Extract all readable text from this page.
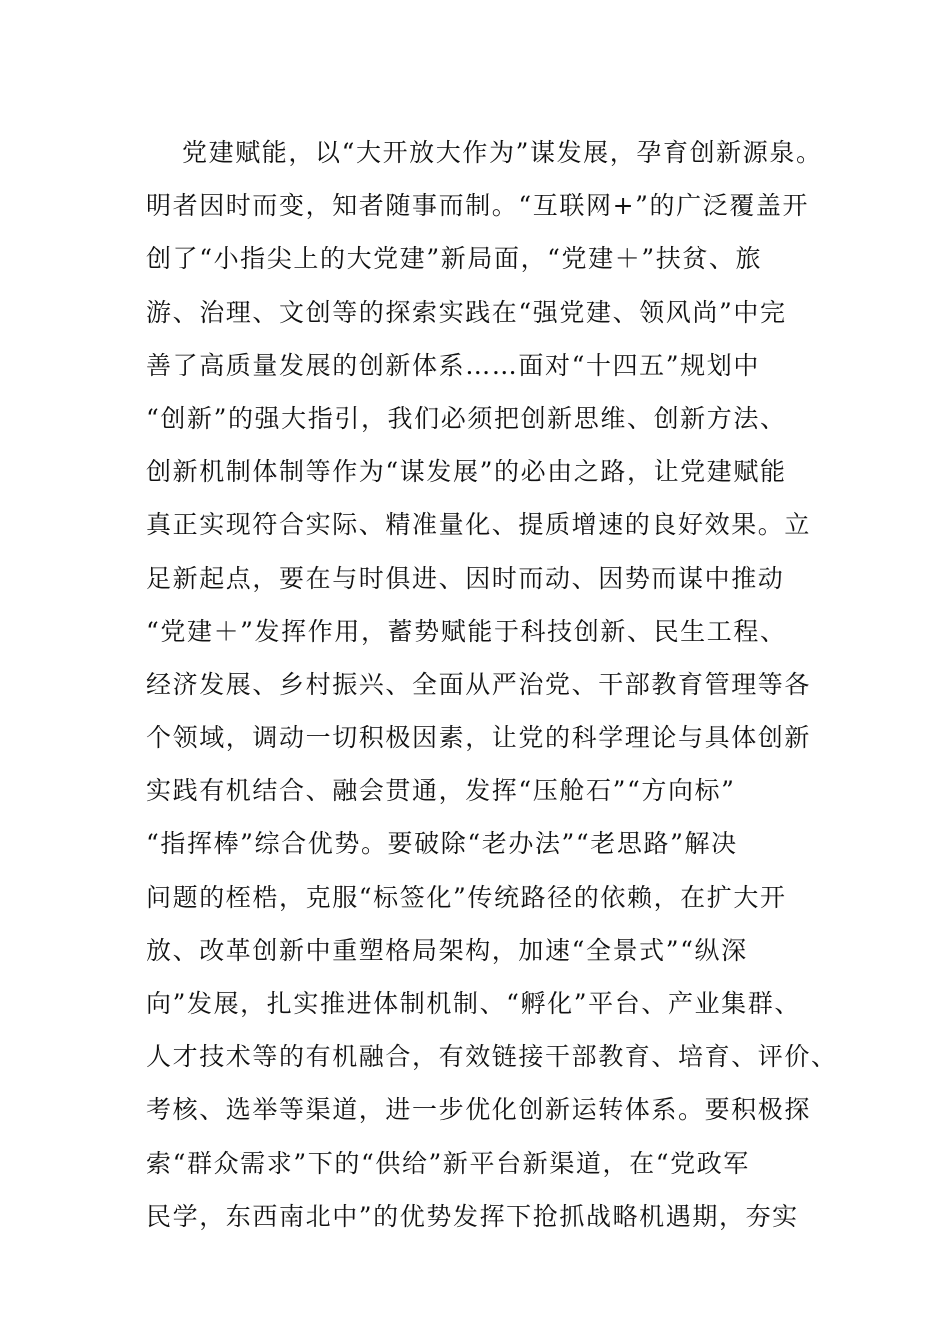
党建赋能，以“大开放大作为”谋发展，孕育创新源泉。
明者因时而变，知者随事而制。“互联网+”的广泛覆盖开
创了“小指尖上的大党建”新局面，“党建＋”扶贫、旅
游、治理、文创等的探索实践在“强党建、领风尚”中完
善了高质量发展的创新体系……面对“十四五”规划中
“创新”的强大指引，我们必须把创新思维、创新方法、
创新机制体制等作为“谋发展”的必由之路，让党建赋能
真正实现符合实际、精准量化、提质增速的良好效果。立
足新起点，要在与时俱进、因时而动、因势而谋中推动
“党建＋”发挥作用，蓄势赋能于科技创新、民生工程、
经济发展、乡村振兴、全面从严治党、干部教育管理等各
个领域，调动一切积极因素，让党的科学理论与具体创新
实践有机结合、融会贯通，发挥“压舱石”“方向标”
“指挥棒”综合优势。要破除“老办法”“老思路”解决
问题的桎梏，克服“标签化”传统路径的依赖，在扩大开
放、改革创新中重塑格局架构，加速“全景式”“纵深
向”发展，扎实推进体制机制、“孵化”平台、产业集群、
人才技术等的有机融合，有效链接干部教育、培育、评价、
考核、选举等渠道，进一步优化创新运转体系。要积极探
索“群众需求”下的“供给”新平台新渠道，在“党政军
民学，东西南北中”的优势发挥下抢抓战略机遇期，夯实
